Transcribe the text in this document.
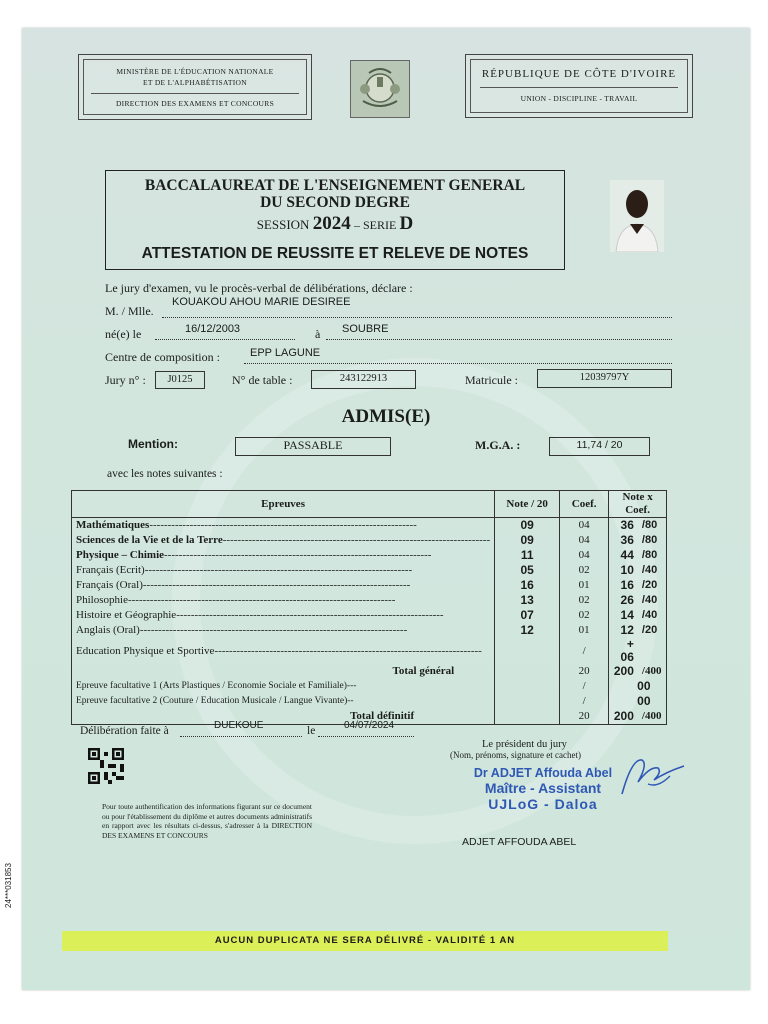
MINISTÈRE DE L'ÉDUCATION NATIONALE
ET DE L'ALPHABÉTISATION
DIRECTION DES EXAMENS ET CONCOURS
RÉPUBLIQUE DE CÔTE D'IVOIRE
UNION - DISCIPLINE - TRAVAIL
BACCALAUREAT DE L'ENSEIGNEMENT GENERAL
DU SECOND DEGRE
SESSION 2024 – SERIE D
ATTESTATION DE REUSSITE ET RELEVE DE NOTES
Le jury d'examen, vu le procès-verbal de délibérations, déclare :
M. / Mlle.
KOUAKOU AHOU MARIE DESIREE
né(e) le	16/12/2003	à SOUBRE
Centre de composition :	EPP LAGUNE
Jury n° :	J0125	N° de table :	243122913	Matricule :	12039797Y
ADMIS(E)
Mention:	PASSABLE	M.G.A. :	11,74 / 20
avec les notes suivantes :
Epreuves	Note / 20	Coef.	Note x Coef.	
Mathématiques-------------------------------------------------------------------------	09	04	36	/80
Sciences de la Vie et de la Terre-------------------------------------------------------------------------	09	04	36	/80
Physique – Chimie-------------------------------------------------------------------------	11	04	44	/80
Français (Ecrit)-------------------------------------------------------------------------	05	02	10	/40
Français (Oral)-------------------------------------------------------------------------	16	01	16	/20
Philosophie-------------------------------------------------------------------------	13	02	26	/40
Histoire et Géographie-------------------------------------------------------------------------	07	02	14	/40
Anglais (Oral)-------------------------------------------------------------------------	12	01	12	/20
Education Physique et Sportive-------------------------------------------------------------------------		/	+ 06	
Total général		20	200	/400
Epreuve facultative 1 (Arts Plastiques / Economie Sociale et Familiale)---		/	00	
Epreuve facultative 2 (Couture / Education Musicale / Langue Vivante)--		/	00	
Total définitif		20	200	/400
Délibération faite à	DUEKOUE	le	04/07/2024
Pour toute authentification des informations figurant sur ce document ou pour l'établissement du diplôme et autres documents administratifs en rapport avec les résultats ci-dessus, s'adresser à la DIRECTION DES EXAMENS ET CONCOURS
24***031853
Le président du jury
(Nom, prénoms, signature et cachet)
Dr ADJET Affouda Abel
Maître - Assistant
UJLoG - Daloa
ADJET AFFOUDA ABEL
AUCUN DUPLICATA NE SERA DÉLIVRÉ - VALIDITÉ 1 AN
